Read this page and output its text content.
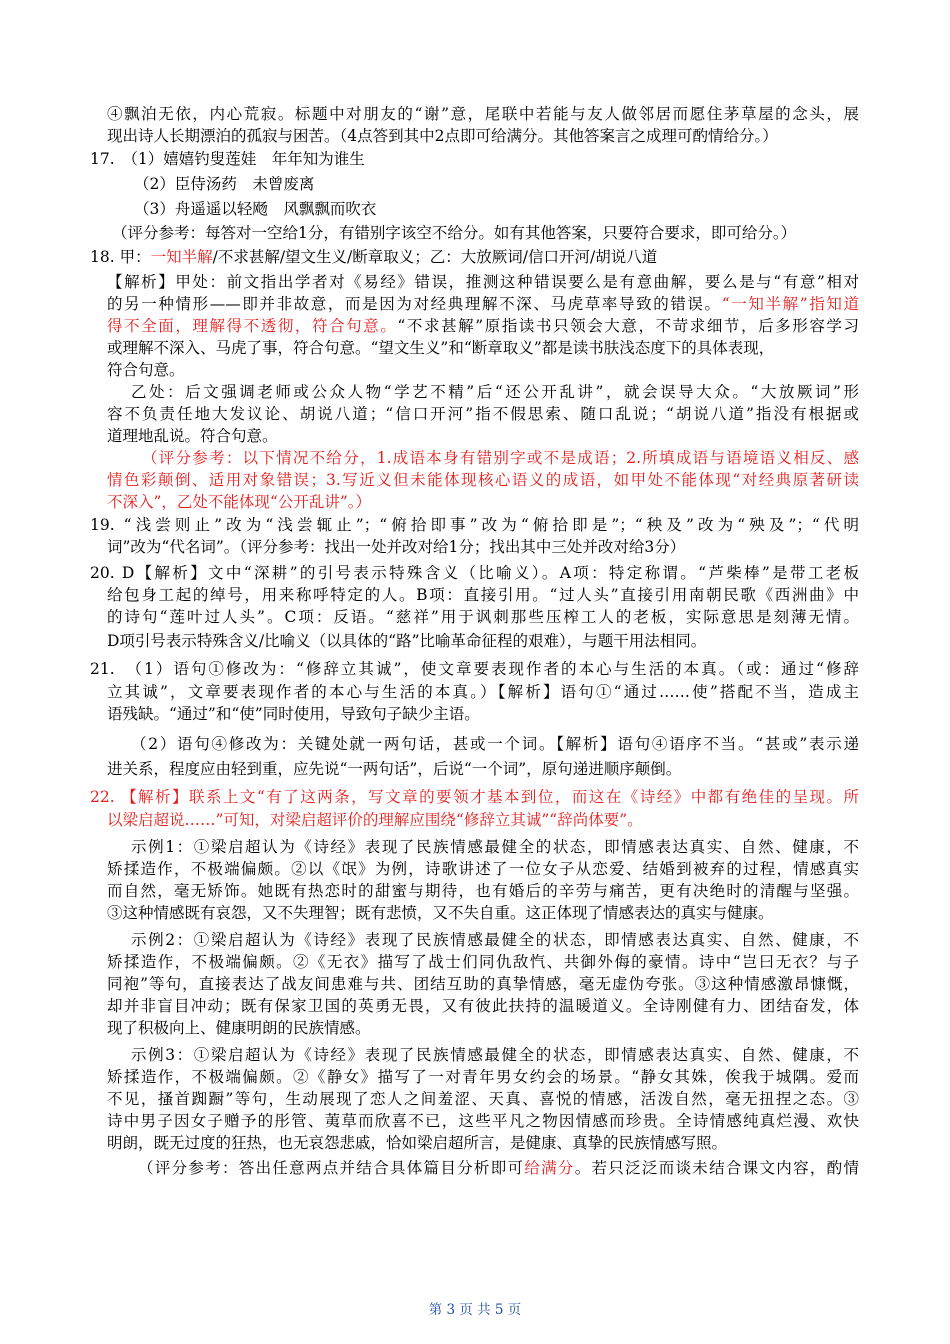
④飘泊无依，内心荒寂。标题中对朋友的“谢”意，尾联中若能与友人做邻居而愿住茅草屋的念头，展
现出诗人长期漂泊的孤寂与困苦。（4点答到其中2点即可给满分。其他答案言之成理可酌情给分。）
17.　（1）嬉嬉钓叟莲娃　年年知为谁生
（2）臣侍汤药　未曾废离
（3）舟遥遥以轻飏　风飘飘而吹衣
（评分参考：每答对一空给1分，有错别字该空不给分。如有其他答案，只要符合要求，即可给分。）
18. 甲：一知半解/不求甚解/望文生义/断章取义；乙：大放厥词/信口开河/胡说八道
【解析】甲处：前文指出学者对《易经》错误，推测这种错误要么是有意曲解，要么是与“有意”相对
的另一种情形——即并非故意，而是因为对经典理解不深、马虎草率导致的错误。“一知半解”指知道
得不全面，理解得不透彻，符合句意。“不求甚解”原指读书只领会大意，不苛求细节，后多形容学习
或理解不深入、马虎了事，符合句意。“望文生义”和“断章取义”都是读书肤浅态度下的具体表现，
符合句意。
乙处：后文强调老师或公众人物“学艺不精”后“还公开乱讲”，就会误导大众。“大放厥词”形
容不负责任地大发议论、胡说八道；“信口开河”指不假思索、随口乱说；“胡说八道”指没有根据或
道理地乱说。符合句意。
（评分参考：以下情况不给分，1.成语本身有错别字或不是成语；2.所填成语与语境语义相反、感
情色彩颠倒、适用对象错误；3.写近义但未能体现核心语义的成语，如甲处不能体现“对经典原著研读
不深入”，乙处不能体现“公开乱讲”。）
19. “浅尝则止”改为“浅尝辄止”；“俯拾即事”改为“俯拾即是”；“秧及”改为“殃及”；“代明
词”改为“代名词”。（评分参考：找出一处并改对给1分；找出其中三处并改对给3分）
20. D【解析】文中“深耕”的引号表示特殊含义（比喻义）。A项：特定称谓。“芦柴棒”是带工老板
给包身工起的绰号，用来称呼特定的人。B项：直接引用。“过人头”直接引用南朝民歌《西洲曲》中
的诗句“莲叶过人头”。C项：反语。“慈祥”用于讽刺那些压榨工人的老板，实际意思是刻薄无情。
D项引号表示特殊含义/比喻义（以具体的“路”比喻革命征程的艰难），与题干用法相同。
21.　（1）语句①修改为：“修辞立其诚”，使文章要表现作者的本心与生活的本真。（或：通过“修辞
立其诚”，文章要表现作者的本心与生活的本真。）【解析】语句①“通过……使”搭配不当，造成主
语残缺。“通过”和“使”同时使用，导致句子缺少主语。
（2）语句④修改为：关键处就一两句话，甚或一个词。【解析】语句④语序不当。“甚或”表示递
进关系，程度应由轻到重，应先说“一两句话”，后说“一个词”，原句递进顺序颠倒。
22. 【解析】联系上文“有了这两条，写文章的要领才基本到位，而这在《诗经》中都有绝佳的呈现。所
以梁启超说……”可知，对梁启超评价的理解应围绕“修辞立其诚”“辞尚体要”。
示例1：①梁启超认为《诗经》表现了民族情感最健全的状态，即情感表达真实、自然、健康，不
矫揉造作，不极端偏颇。②以《氓》为例，诗歌讲述了一位女子从恋爱、结婚到被弃的过程，情感真实
而自然，毫无矫饰。她既有热恋时的甜蜜与期待，也有婚后的辛劳与痛苦，更有决绝时的清醒与坚强。
③这种情感既有哀怨，又不失理智；既有悲愤，又不失自重。这正体现了情感表达的真实与健康。
示例2：①梁启超认为《诗经》表现了民族情感最健全的状态，即情感表达真实、自然、健康，不
矫揉造作，不极端偏颇。②《无衣》描写了战士们同仇敌忾、共御外侮的豪情。诗中“岂曰无衣？与子
同袍”等句，直接表达了战友间患难与共、团结互助的真挚情感，毫无虚伪夸张。③这种情感激昂慷慨，
却并非盲目冲动；既有保家卫国的英勇无畏，又有彼此扶持的温暖道义。全诗刚健有力、团结奋发，体
现了积极向上、健康明朗的民族情感。
示例3：①梁启超认为《诗经》表现了民族情感最健全的状态，即情感表达真实、自然、健康，不
矫揉造作，不极端偏颇。②《静女》描写了一对青年男女约会的场景。“静女其姝，俟我于城隅。爱而
不见，搔首踟蹰”等句，生动展现了恋人之间羞涩、天真、喜悦的情感，活泼自然，毫无扭捏之态。③
诗中男子因女子赠予的彤管、荑草而欣喜不已，这些平凡之物因情感而珍贵。全诗情感纯真烂漫、欢快
明朗，既无过度的狂热，也无哀怨悲戚，恰如梁启超所言，是健康、真挚的民族情感写照。
（评分参考：答出任意两点并结合具体篇目分析即可给满分。若只泛泛而谈未结合课文内容，酌情
第 3 页 共 5 页
